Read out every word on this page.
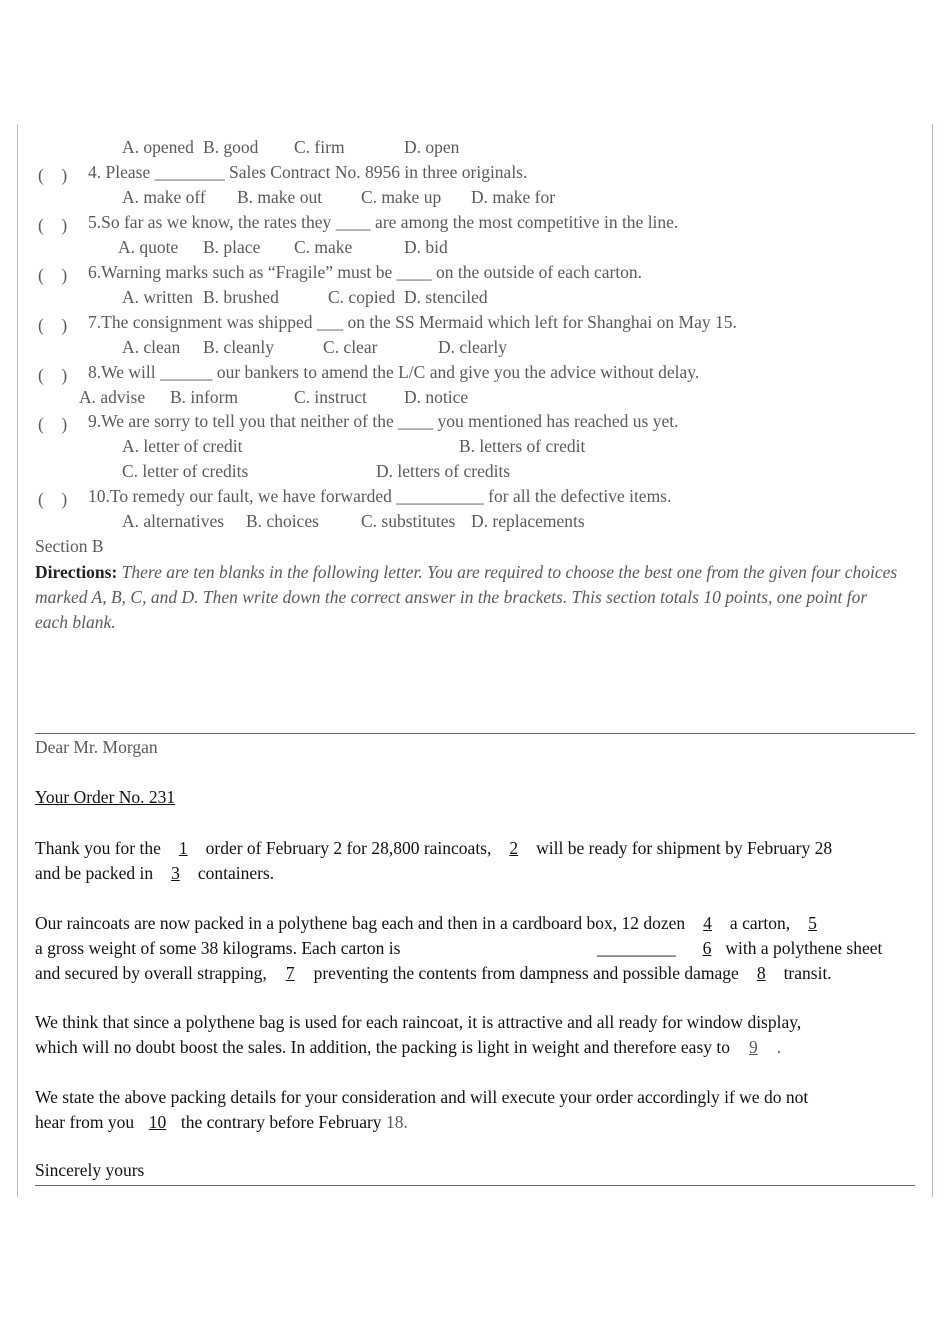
A. opened B. good C. firm	D. open
(　) 4. Please ________ Sales Contract No. 8956 in three originals.
A. make off B. make out C. make up D. make for
(　) 5.So far as we know, the rates they ____ are among the most competitive in the line.
A. quote B. place C. make	D. bid
(　) 6.Warning marks such as “Fragile” must be ____ on the outside of each carton.
A. written B. brushed	C. copied D. stenciled
(　) 7.The consignment was shipped ___ on the SS Mermaid which left for Shanghai on May 15.
A. clean B. cleanly	C. clear	D. clearly
(　) 8.We will ______ our bankers to amend the L/C and give you the advice without delay.
A. advise B. inform	C. instruct D. notice
(　) 9.We are sorry to tell you that neither of the ____ you mentioned has reached us yet.
A. letter of credit	B. letters of credit
C. letter of credits	D. letters of credits
(　) 10.To remedy our fault, we have forwarded __________ for all the defective items.
A. alternatives B. choices C. substitutes D. replacements
Section B
Directions: There are ten blanks in the following letter. You are required to choose the best one from the given four choices marked A, B, C, and D. Then write down the correct answer in the brackets. This section totals 10 points, one point for each blank.
Dear Mr. Morgan
Your Order No. 231
Thank you for the 1 order of February 2 for 28,800 raincoats, 2 will be ready for shipment by February 28
and be packed in 3 containers.
Our raincoats are now packed in a polythene bag each and then in a cardboard box, 12 dozen 4 a carton, 5
a gross weight of some 38 kilograms. Each carton is	_________	6 with a polythene sheet
and secured by overall strapping, 7 preventing the contents from dampness and possible damage 8 transit.
We think that since a polythene bag is used for each raincoat, it is attractive and all ready for window display,
which will no doubt boost the sales. In addition, the packing is light in weight and therefore easy to 9 .
We state the above packing details for your consideration and will execute your order accordingly if we do not
hear from you 10 the contrary before February 18.
Sincerely yours
